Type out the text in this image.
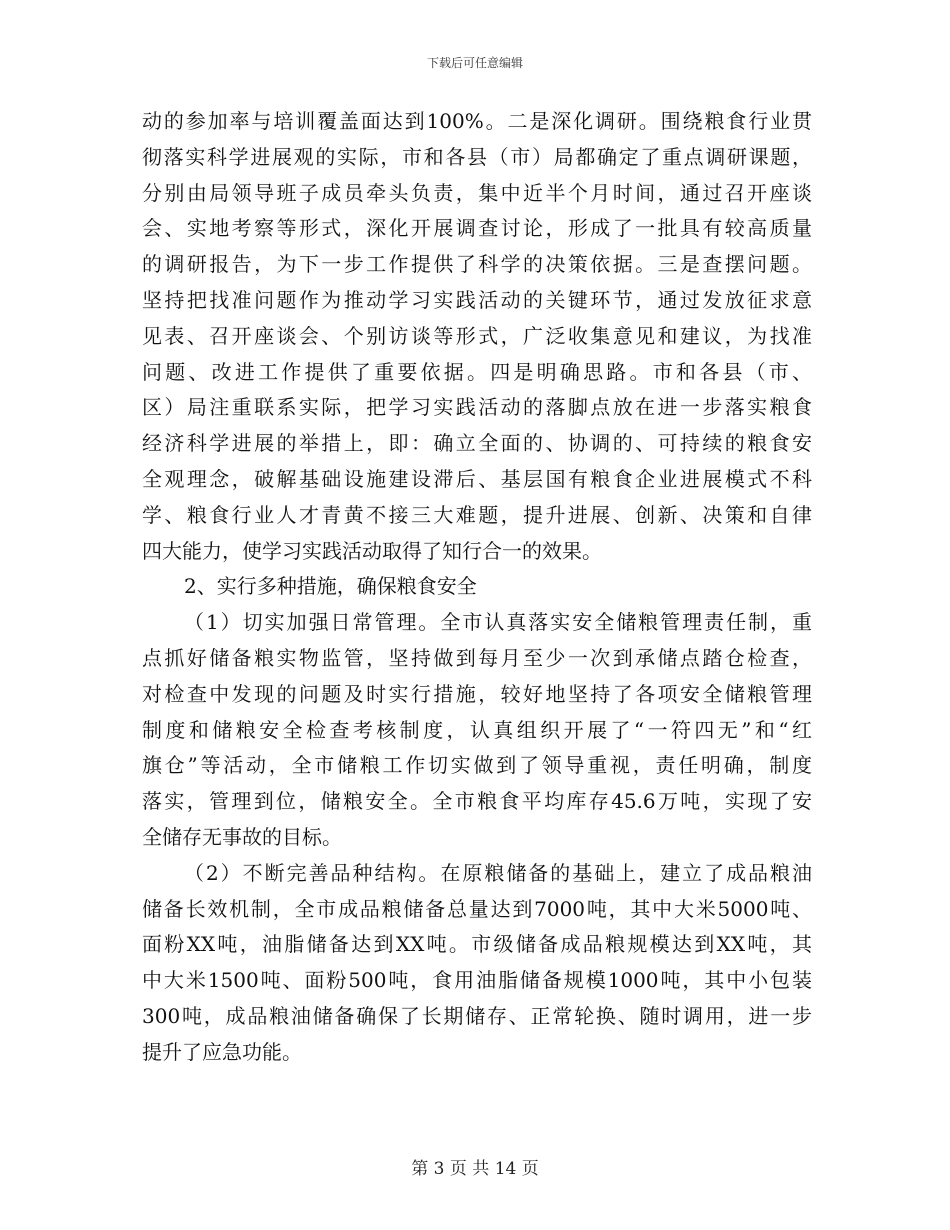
下载后可任意编辑
动的参加率与培训覆盖面达到100%。二是深化调研。围绕粮食行业贯
彻落实科学进展观的实际，市和各县（市）局都确定了重点调研课题，
分别由局领导班子成员牵头负责，集中近半个月时间，通过召开座谈
会、实地考察等形式，深化开展调查讨论，形成了一批具有较高质量
的调研报告，为下一步工作提供了科学的决策依据。三是查摆问题。
坚持把找准问题作为推动学习实践活动的关键环节，通过发放征求意
见表、召开座谈会、个别访谈等形式，广泛收集意见和建议，为找准
问题、改进工作提供了重要依据。四是明确思路。市和各县（市、
区）局注重联系实际，把学习实践活动的落脚点放在进一步落实粮食
经济科学进展的举措上，即：确立全面的、协调的、可持续的粮食安
全观理念，破解基础设施建设滞后、基层国有粮食企业进展模式不科
学、粮食行业人才青黄不接三大难题，提升进展、创新、决策和自律
四大能力，使学习实践活动取得了知行合一的效果。
2、实行多种措施，确保粮食安全
（1）切实加强日常管理。全市认真落实安全储粮管理责任制，重
点抓好储备粮实物监管，坚持做到每月至少一次到承储点踏仓检查，
对检查中发现的问题及时实行措施，较好地坚持了各项安全储粮管理
制度和储粮安全检查考核制度，认真组织开展了“一符四无”和“红
旗仓”等活动，全市储粮工作切实做到了领导重视，责任明确，制度
落实，管理到位，储粮安全。全市粮食平均库存45.6万吨，实现了安
全储存无事故的目标。
（2）不断完善品种结构。在原粮储备的基础上，建立了成品粮油
储备长效机制，全市成品粮储备总量达到7000吨，其中大米5000吨、
面粉XX吨，油脂储备达到XX吨。市级储备成品粮规模达到XX吨，其
中大米1500吨、面粉500吨，食用油脂储备规模1000吨，其中小包装
300吨，成品粮油储备确保了长期储存、正常轮换、随时调用，进一步
提升了应急功能。
第 3 页 共 14 页
